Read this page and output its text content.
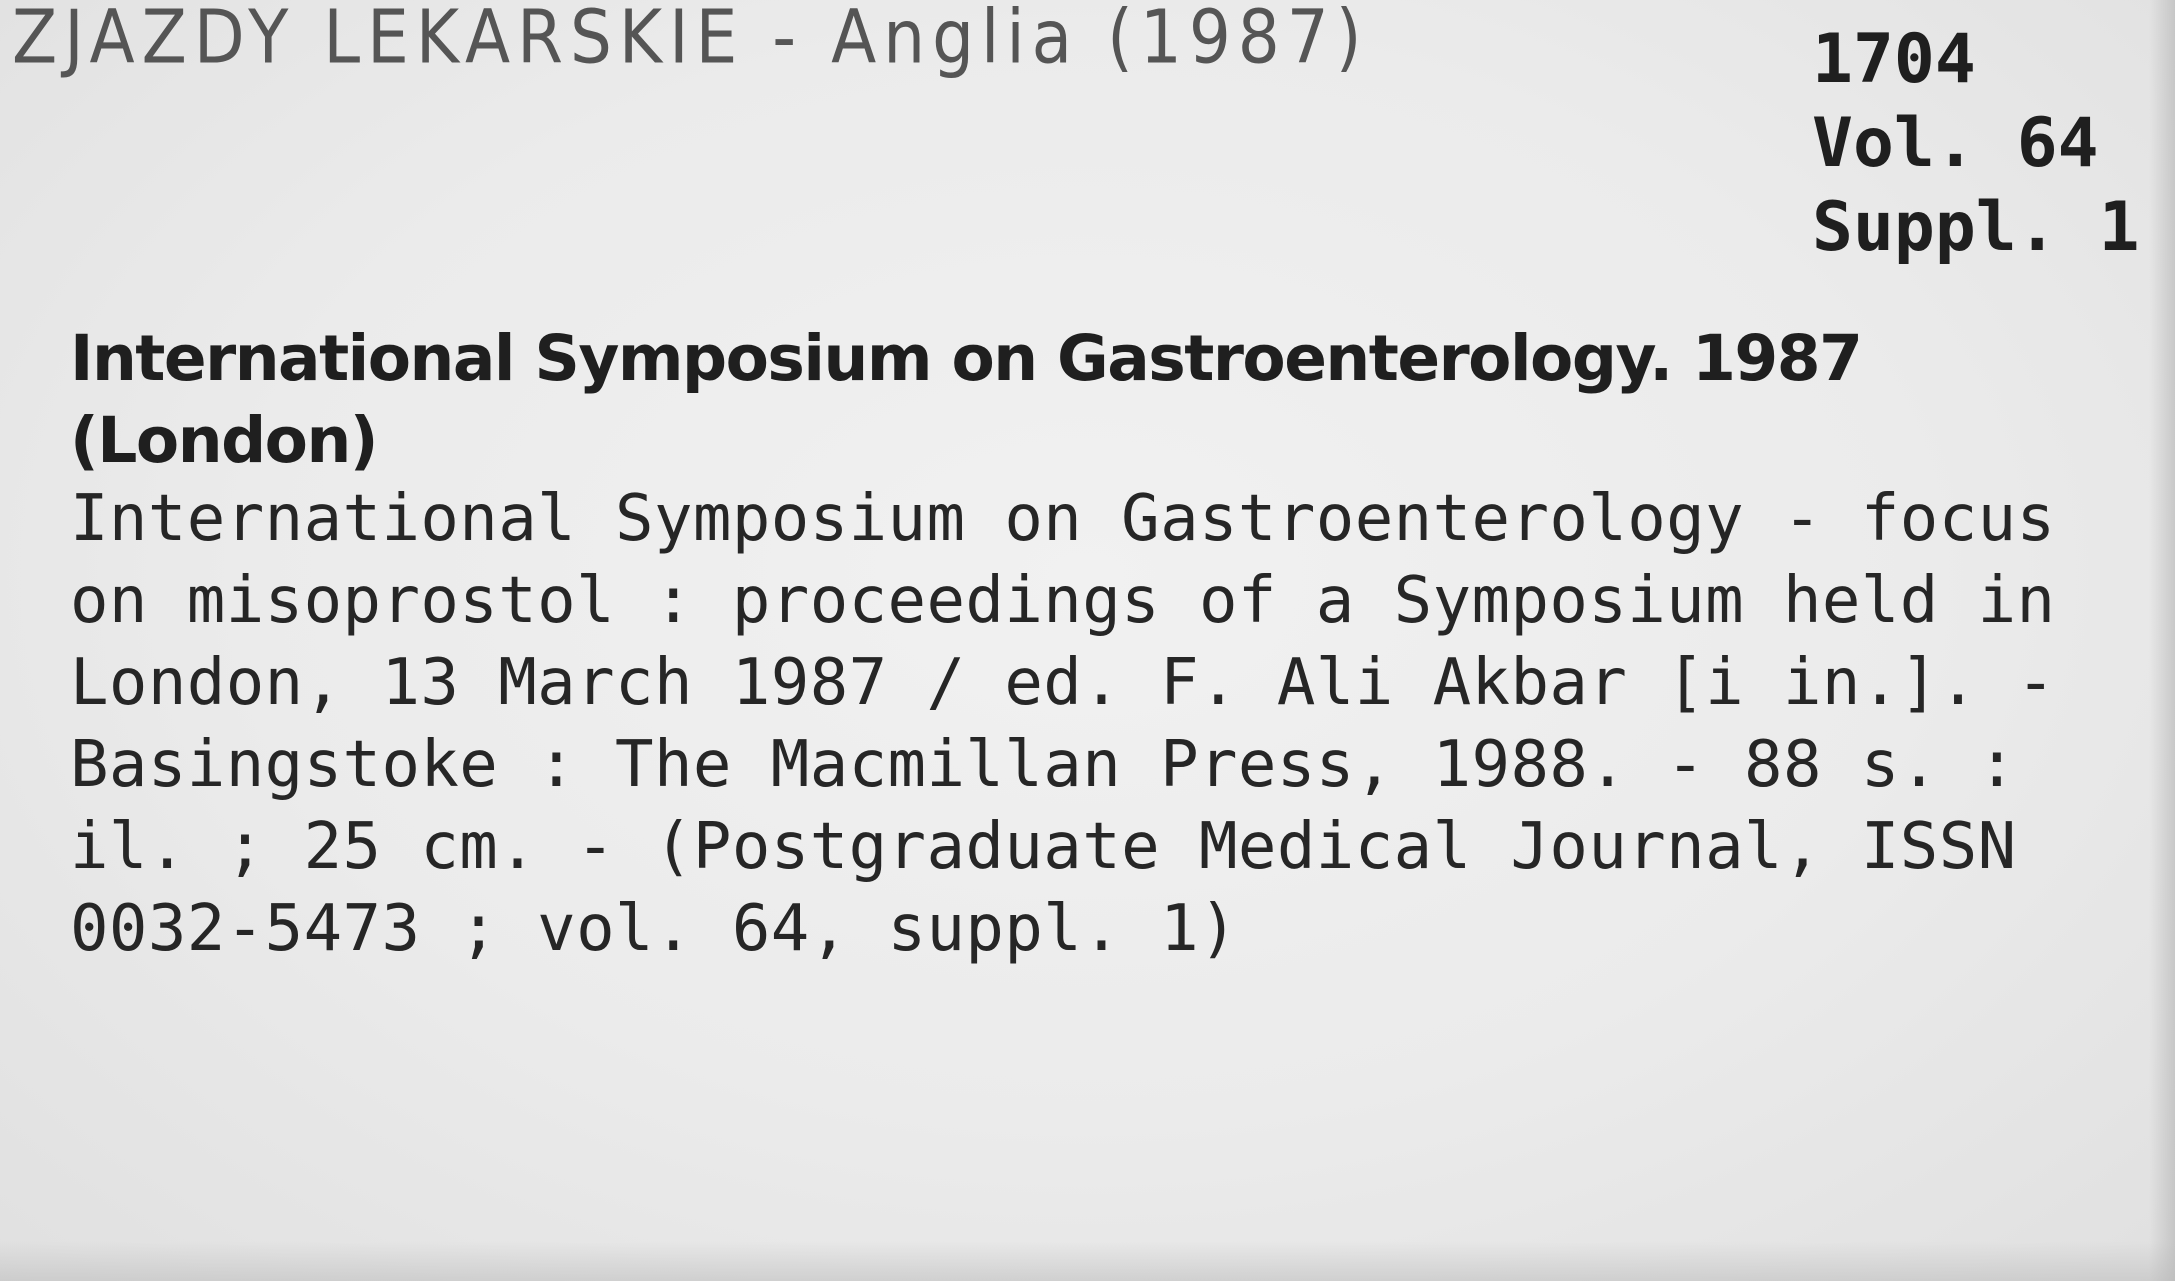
ZJAZDY LEKARSKIE - Anglia (1987)	1704
Vol. 64
Suppl. 1
International Symposium on Gastroenterology. 1987
(London)
International Symposium on Gastroenterology - focus
on misoprostol : proceedings of a Symposium held in
London, 13 March 1987 / ed. F. Ali Akbar [i in.]. -
Basingstoke : The Macmillan Press, 1988. - 88 s. :
il. ; 25 cm. - (Postgraduate Medical Journal, ISSN
0032-5473 ; vol. 64, suppl. 1)
